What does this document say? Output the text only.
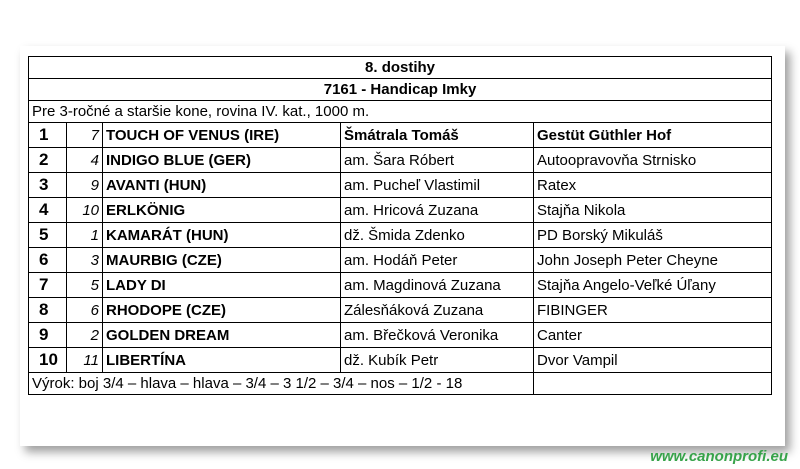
8. dostihy				
7161 - Handicap Imky				
Pre 3-ročné a staršie kone, rovina IV. kat., 1000 m.				
1	7	TOUCH OF VENUS (IRE)	Šmátrala Tomáš	Gestüt Güthler Hof
2	4	INDIGO BLUE (GER)	am. Šara Róbert	Autoopravovňa Strnisko
3	9	AVANTI (HUN)	am. Pucheľ Vlastimil	Ratex
4	10	ERLKÖNIG	am. Hricová Zuzana	Stajňa Nikola
5	1	KAMARÁT (HUN)	dž. Šmida Zdenko	PD Borský Mikuláš
6	3	MAURBIG (CZE)	am. Hodáň Peter	John Joseph Peter Cheyne
7	5	LADY DI	am. Magdinová Zuzana	Stajňa Angelo-Veľké Úľany
8	6	RHODOPE (CZE)	Zálesňáková Zuzana	FIBINGER
9	2	GOLDEN DREAM	am. Břečková Veronika	Canter
10	11	LIBERTÍNA	dž. Kubík Petr	Dvor Vampil
Výrok: boj 3/4 – hlava – hlava – 3/4 – 3 1/2 – 3/4 – nos – 1/2 - 18				
www.canonprofi.eu
